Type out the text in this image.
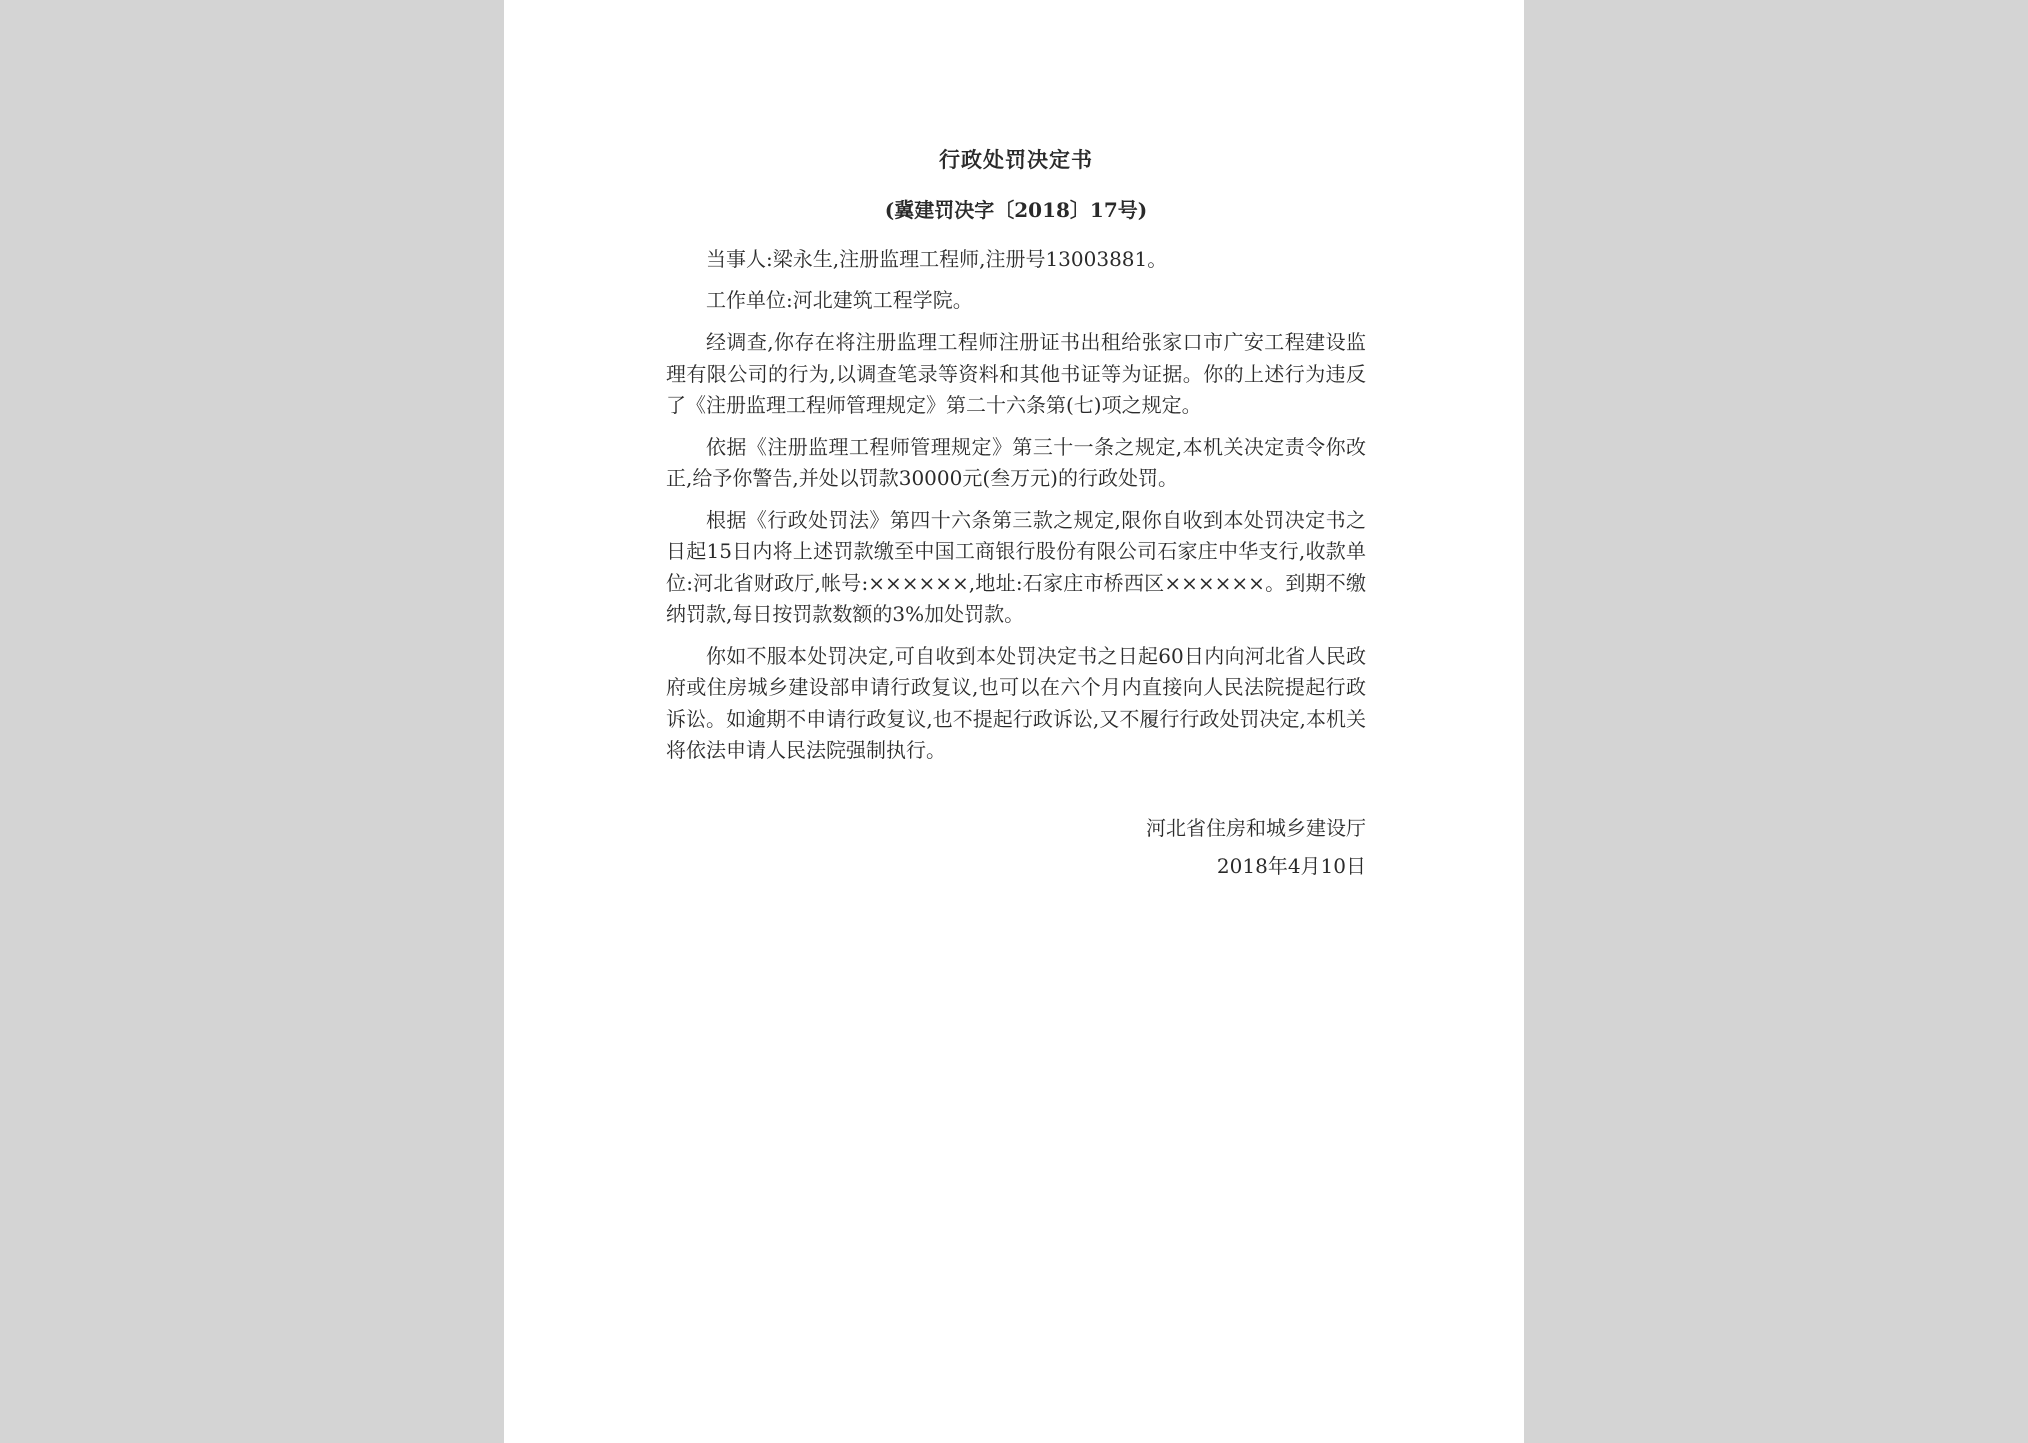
行政处罚决定书
(冀建罚决字〔2018〕17号)

当事人:梁永生,注册监理工程师,注册号13003881。

工作单位:河北建筑工程学院。

经调查,你存在将注册监理工程师注册证书出租给张家口市广安工程建设监理有限公司的行为,以调查笔录等资料和其他书证等为证据。你的上述行为违反了《注册监理工程师管理规定》第二十六条第(七)项之规定。

依据《注册监理工程师管理规定》第三十一条之规定,本机关决定责令你改正,给予你警告,并处以罚款30000元(叁万元)的行政处罚。

根据《行政处罚法》第四十六条第三款之规定,限你自收到本处罚决定书之日起15日内将上述罚款缴至中国工商银行股份有限公司石家庄中华支行,收款单位:河北省财政厅,帐号:××××××,地址:石家庄市桥西区××××××。到期不缴纳罚款,每日按罚款数额的3%加处罚款。

你如不服本处罚决定,可自收到本处罚决定书之日起60日内向河北省人民政府或住房城乡建设部申请行政复议,也可以在六个月内直接向人民法院提起行政诉讼。如逾期不申请行政复议,也不提起行政诉讼,又不履行行政处罚决定,本机关将依法申请人民法院强制执行。

河北省住房和城乡建设厅
2018年4月10日
